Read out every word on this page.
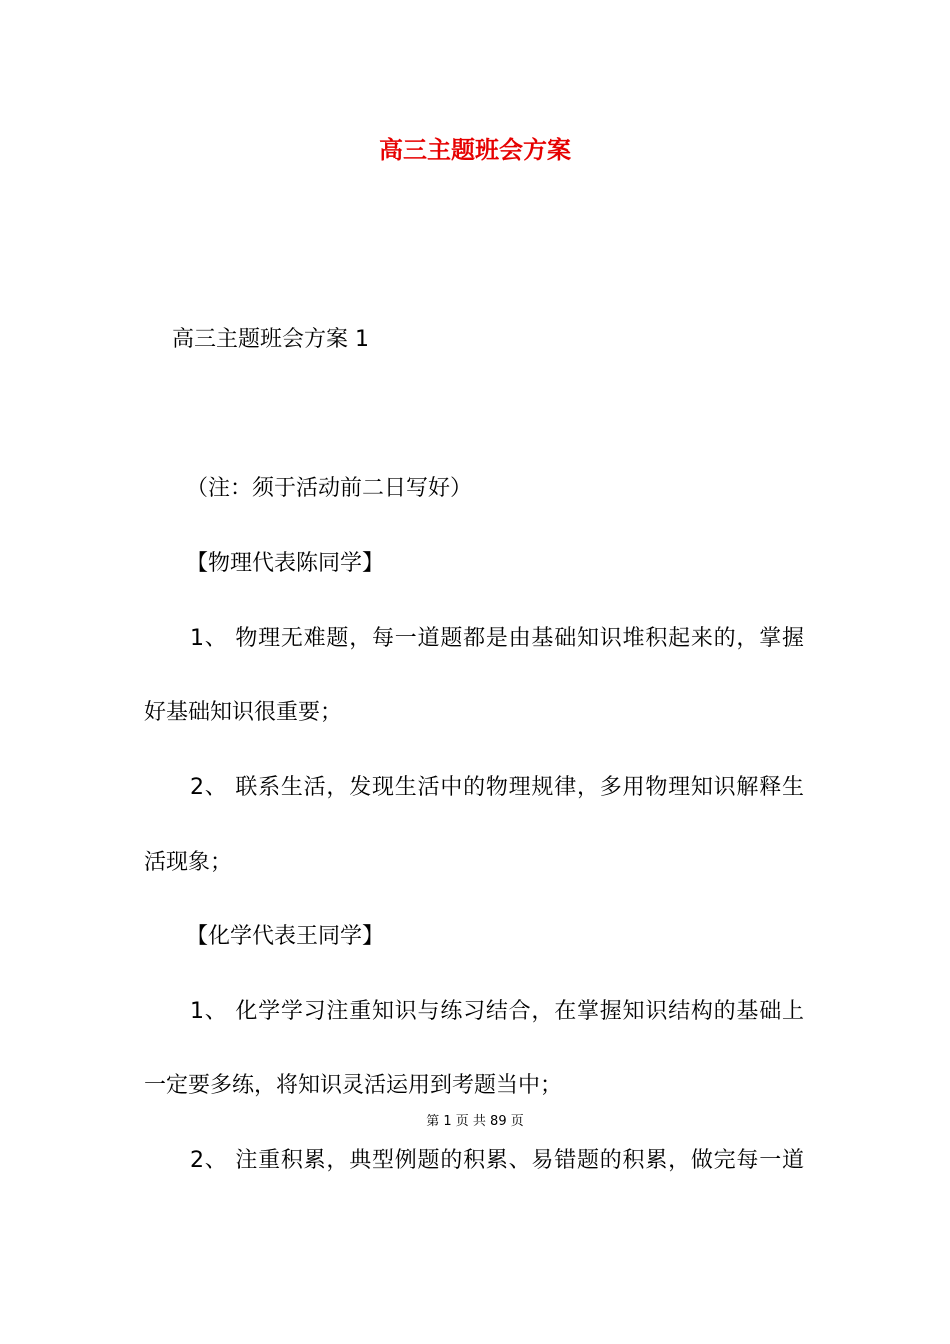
高三主题班会方案
高三主题班会方案 1
（注：须于活动前二日写好）
【物理代表陈同学】
1、 物理无难题，每一道题都是由基础知识堆积起来的，掌握
好基础知识很重要；
2、 联系生活，发现生活中的物理规律，多用物理知识解释生
活现象；
【化学代表王同学】
1、 化学学习注重知识与练习结合，在掌握知识结构的基础上
一定要多练，将知识灵活运用到考题当中；
第 1 页 共 89 页
2、 注重积累，典型例题的积累、易错题的积累，做完每一道
